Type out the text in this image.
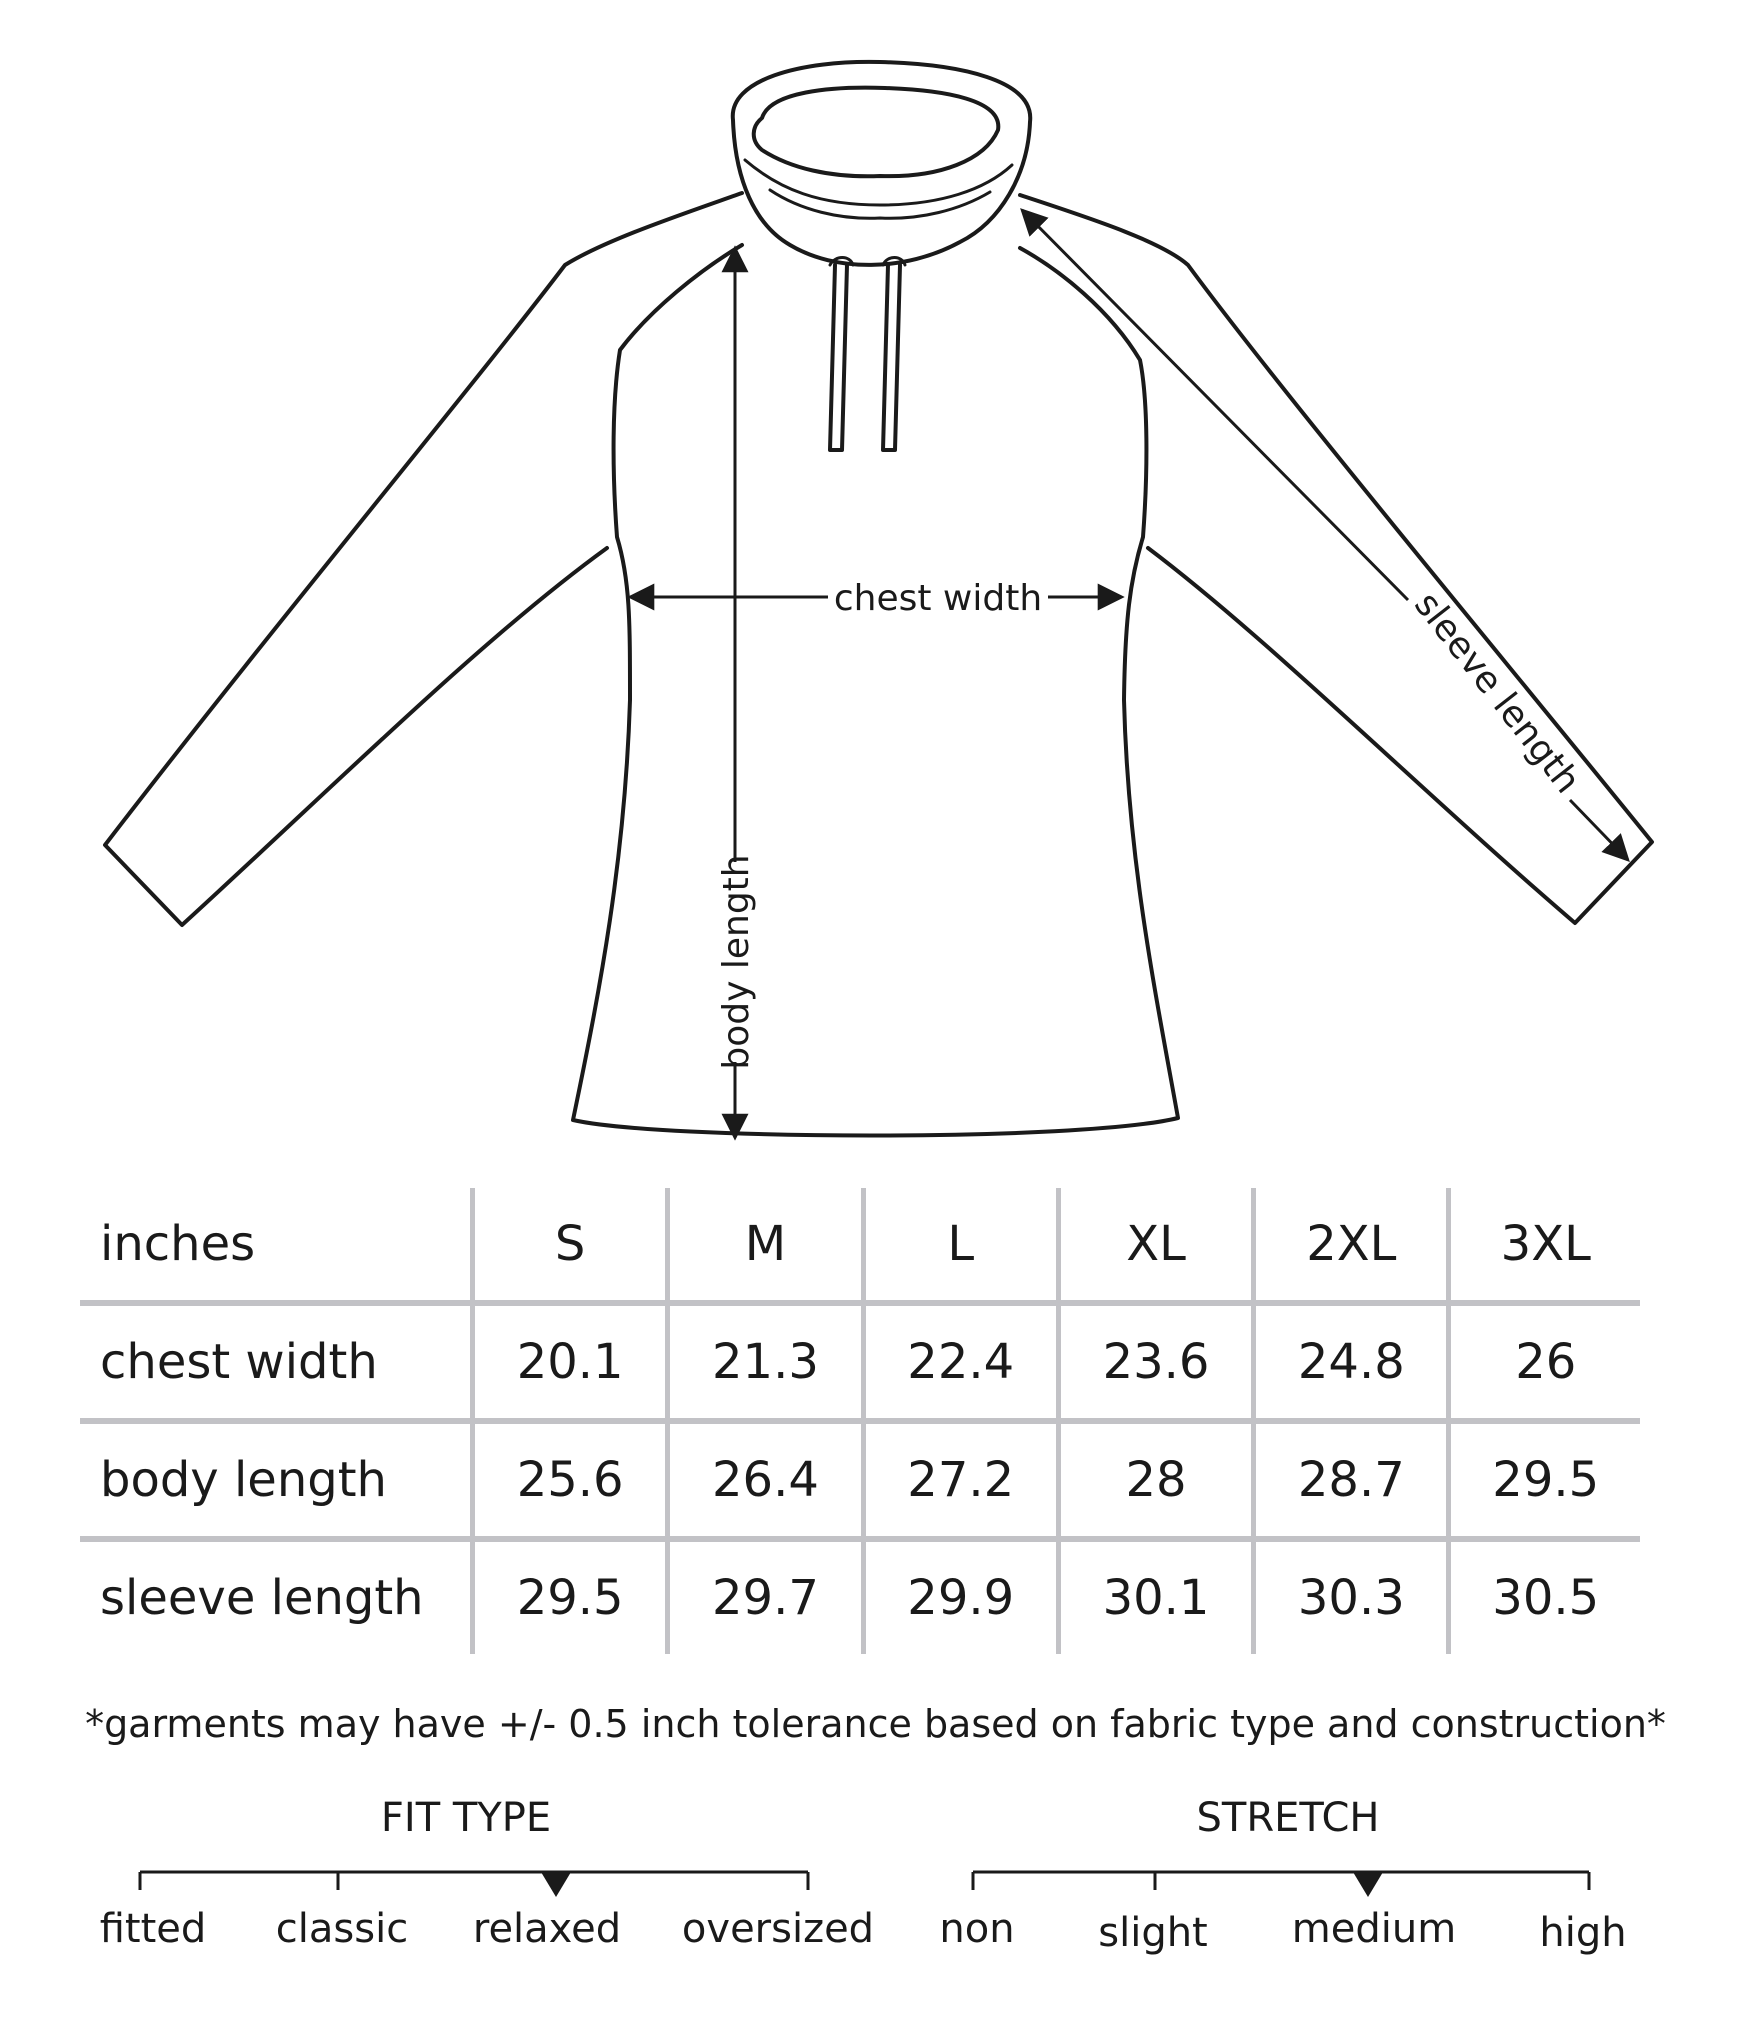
chest width
body length
sleeve length
inches	S	M	L	XL	2XL	3XL
chest width	20.1	21.3	22.4	23.6	24.8	26
body length	25.6	26.4	27.2	28	28.7	29.5
sleeve length	29.5	29.7	29.9	30.1	30.3	30.5
*garments may have +/- 0.5 inch tolerance based on fabric type and construction*
FIT TYPE	STRETCH
fitted classic relaxed oversized non slight medium high
